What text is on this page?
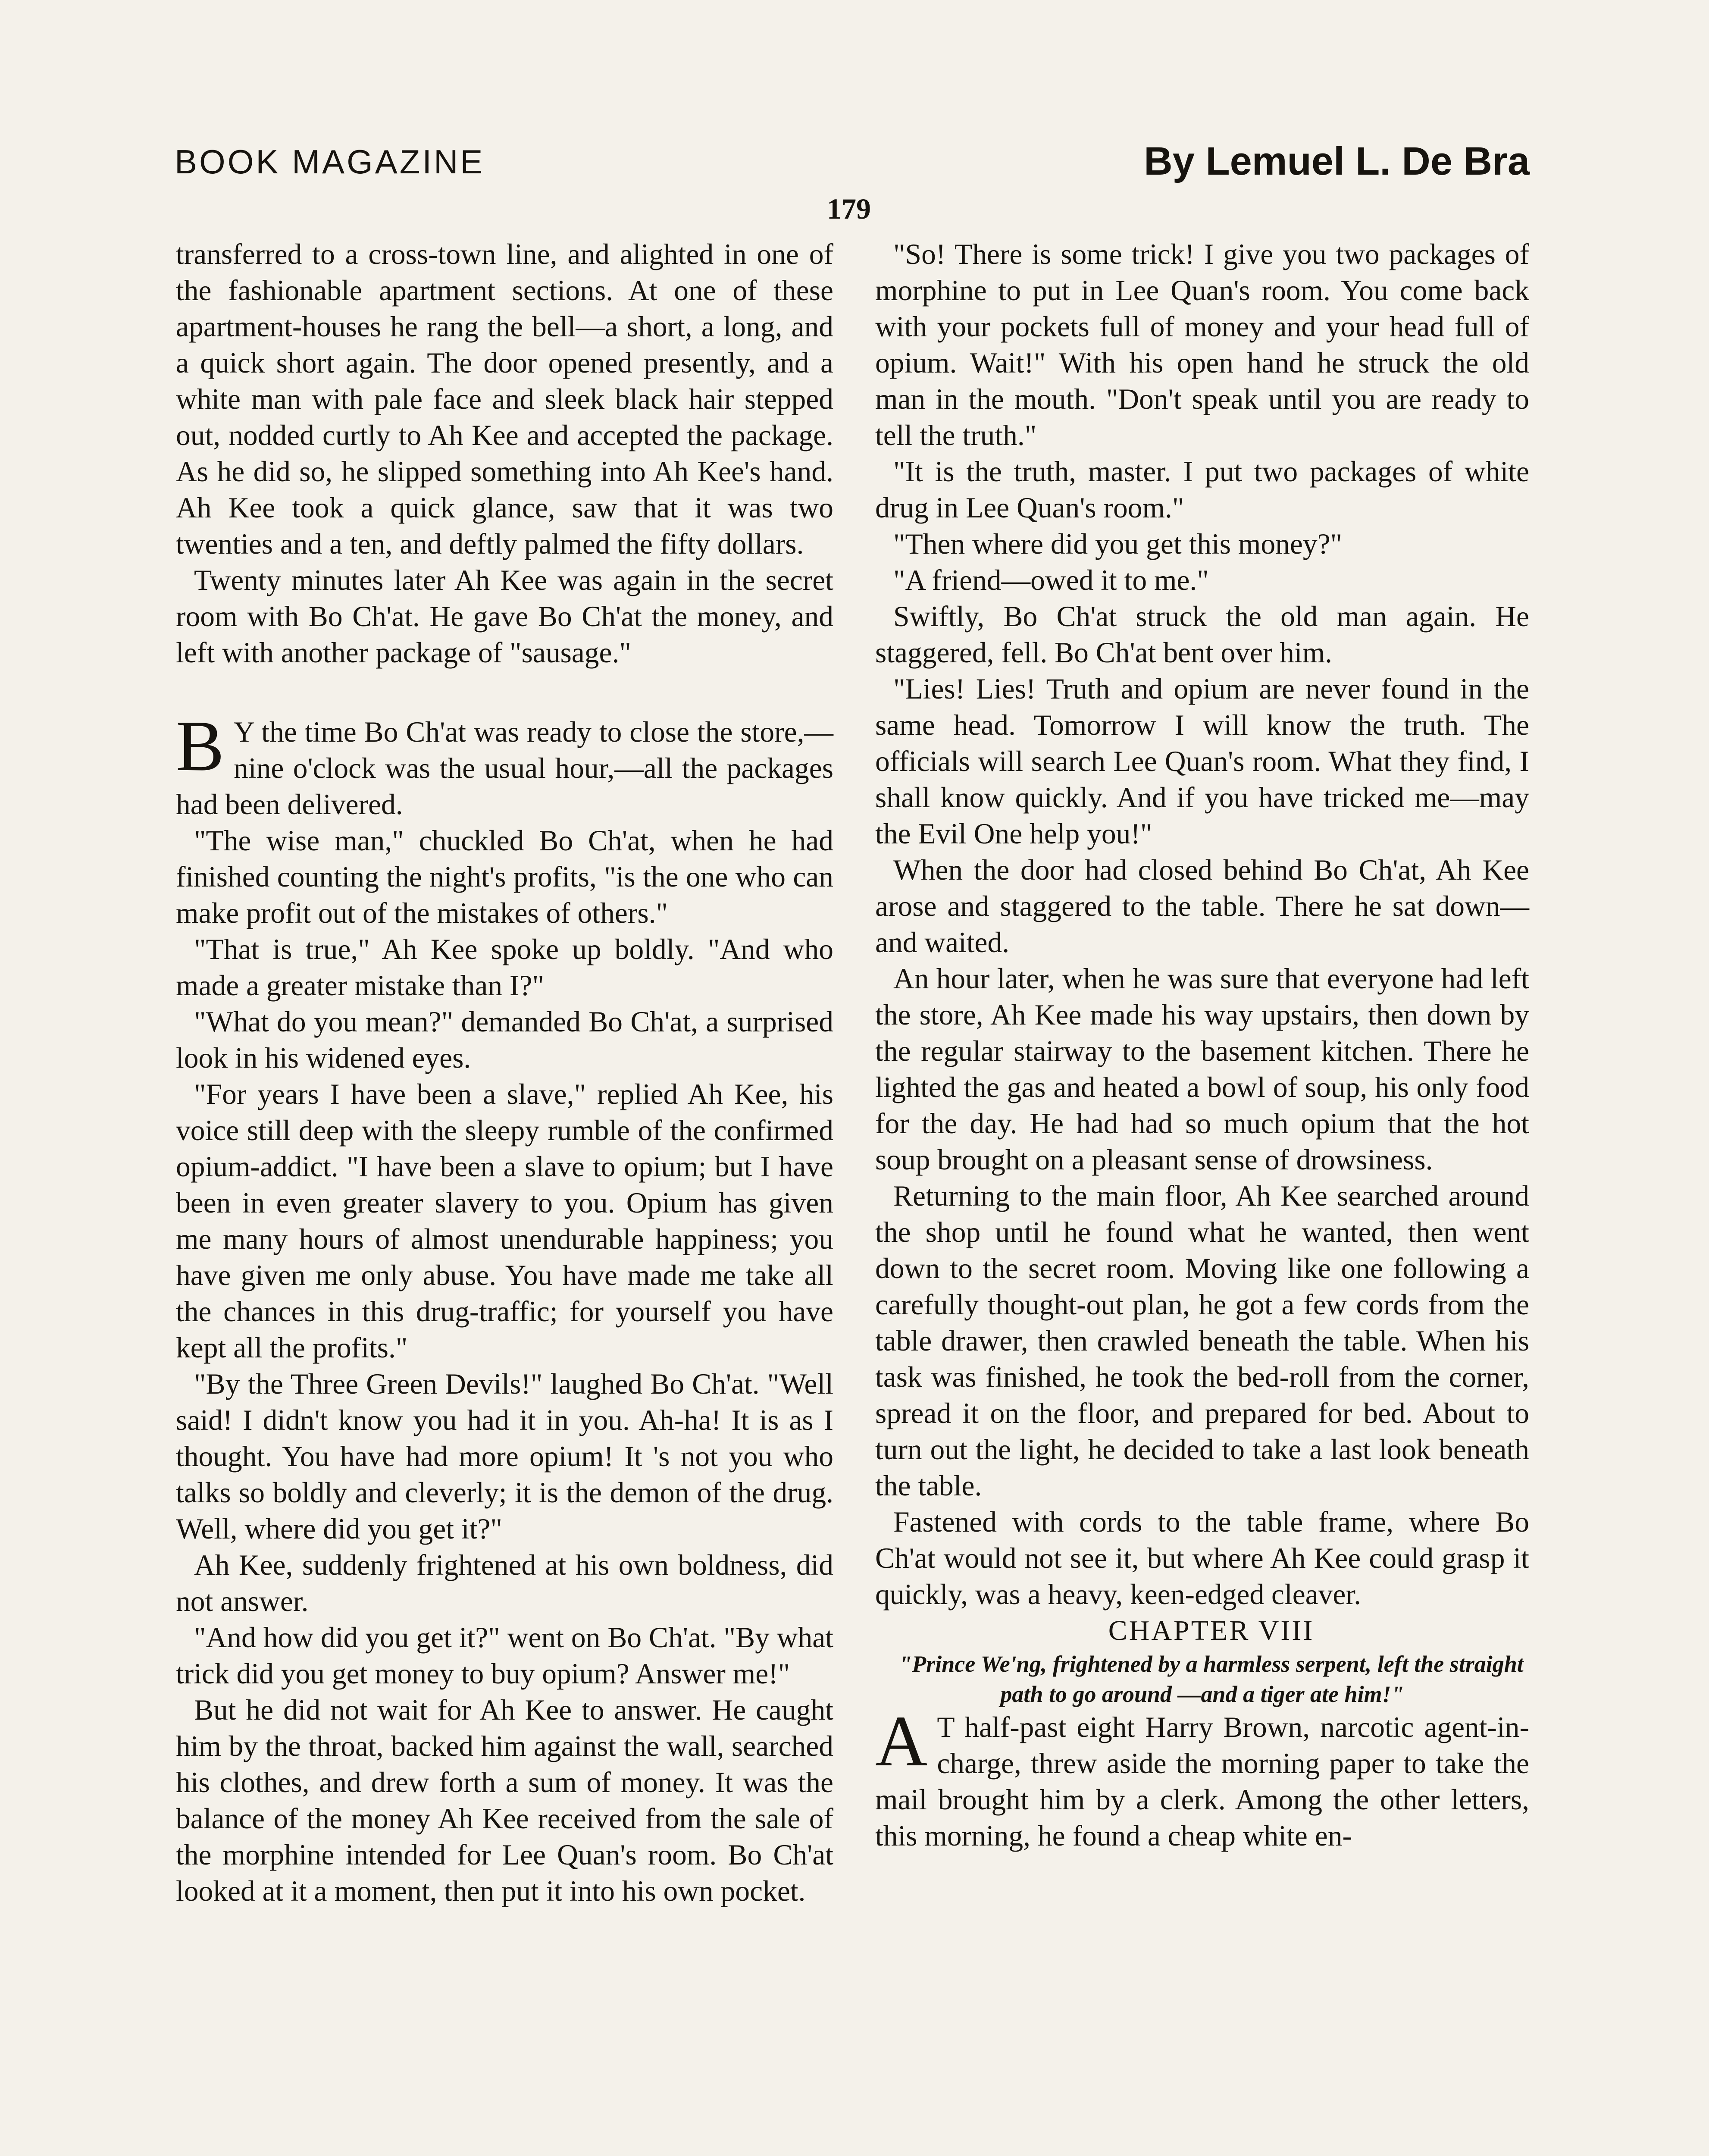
BOOK MAGAZINE	By Lemuel L. De Bra
179

transferred to a cross-town line, and alighted in one of the fashionable apartment sections. At one of these apartment-houses he rang the bell—a short, a long, and a quick short again. The door opened presently, and a white man with pale face and sleek black hair stepped out, nodded curtly to Ah Kee and accepted the package. As he did so, he slipped something into Ah Kee's hand. Ah Kee took a quick glance, saw that it was two twenties and a ten, and deftly palmed the fifty dollars.

Twenty minutes later Ah Kee was again in the secret room with Bo Ch'at. He gave Bo Ch'at the money, and left with another package of "sausage."

B Y the time Bo Ch'at was ready to close the store,—nine o'clock was the usual hour,—all the packages had been delivered.

"The wise man," chuckled Bo Ch'at, when he had finished counting the night's profits, "is the one who can make profit out of the mistakes of others."

"That is true," Ah Kee spoke up boldly. "And who made a greater mistake than I?"

"What do you mean?" demanded Bo Ch'at, a surprised look in his widened eyes.

"For years I have been a slave," replied Ah Kee, his voice still deep with the sleepy rumble of the confirmed opium-addict. "I have been a slave to opium; but I have been in even greater slavery to you. Opium has given me many hours of almost unendurable happiness; you have given me only abuse. You have made me take all the chances in this drug-traffic; for yourself you have kept all the profits."

"By the Three Green Devils!" laughed Bo Ch'at. "Well said! I didn't know you had it in you. Ah-ha! It is as I thought. You have had more opium! It 's not you who talks so boldly and cleverly; it is the demon of the drug. Well, where did you get it?"

Ah Kee, suddenly frightened at his own boldness, did not answer.

"And how did you get it?" went on Bo Ch'at. "By what trick did you get money to buy opium? Answer me!"

But he did not wait for Ah Kee to answer. He caught him by the throat, backed him against the wall, searched his clothes, and drew forth a sum of money. It was the balance of the money Ah Kee received from the sale of the morphine intended for Lee Quan's room. Bo Ch'at looked at it a moment, then put it into his own pocket.

"So! There is some trick! I give you two packages of morphine to put in Lee Quan's room. You come back with your pockets full of money and your head full of opium. Wait!" With his open hand he struck the old man in the mouth. "Don't speak until you are ready to tell the truth."

"It is the truth, master. I put two packages of white drug in Lee Quan's room."

"Then where did you get this money?"

"A friend—owed it to me."

Swiftly, Bo Ch'at struck the old man again. He staggered, fell. Bo Ch'at bent over him.

"Lies! Lies! Truth and opium are never found in the same head. Tomorrow I will know the truth. The officials will search Lee Quan's room. What they find, I shall know quickly. And if you have tricked me—may the Evil One help you!"

When the door had closed behind Bo Ch'at, Ah Kee arose and staggered to the table. There he sat down—and waited.

An hour later, when he was sure that everyone had left the store, Ah Kee made his way upstairs, then down by the regular stairway to the basement kitchen. There he lighted the gas and heated a bowl of soup, his only food for the day. He had had so much opium that the hot soup brought on a pleasant sense of drowsiness.

Returning to the main floor, Ah Kee searched around the shop until he found what he wanted, then went down to the secret room. Moving like one following a carefully thought-out plan, he got a few cords from the table drawer, then crawled beneath the table. When his task was finished, he took the bed-roll from the corner, spread it on the floor, and prepared for bed. About to turn out the light, he decided to take a last look beneath the table.

Fastened with cords to the table frame, where Bo Ch'at would not see it, but where Ah Kee could grasp it quickly, was a heavy, keen-edged cleaver.

CHAPTER VIII

"Prince We'ng, frightened by a harmless serpent, left the straight path to go around —and a tiger ate him!"

A T half-past eight Harry Brown, narcotic agent-in-charge, threw aside the morning paper to take the mail brought him by a clerk. Among the other letters, this morning, he found a cheap white en-
